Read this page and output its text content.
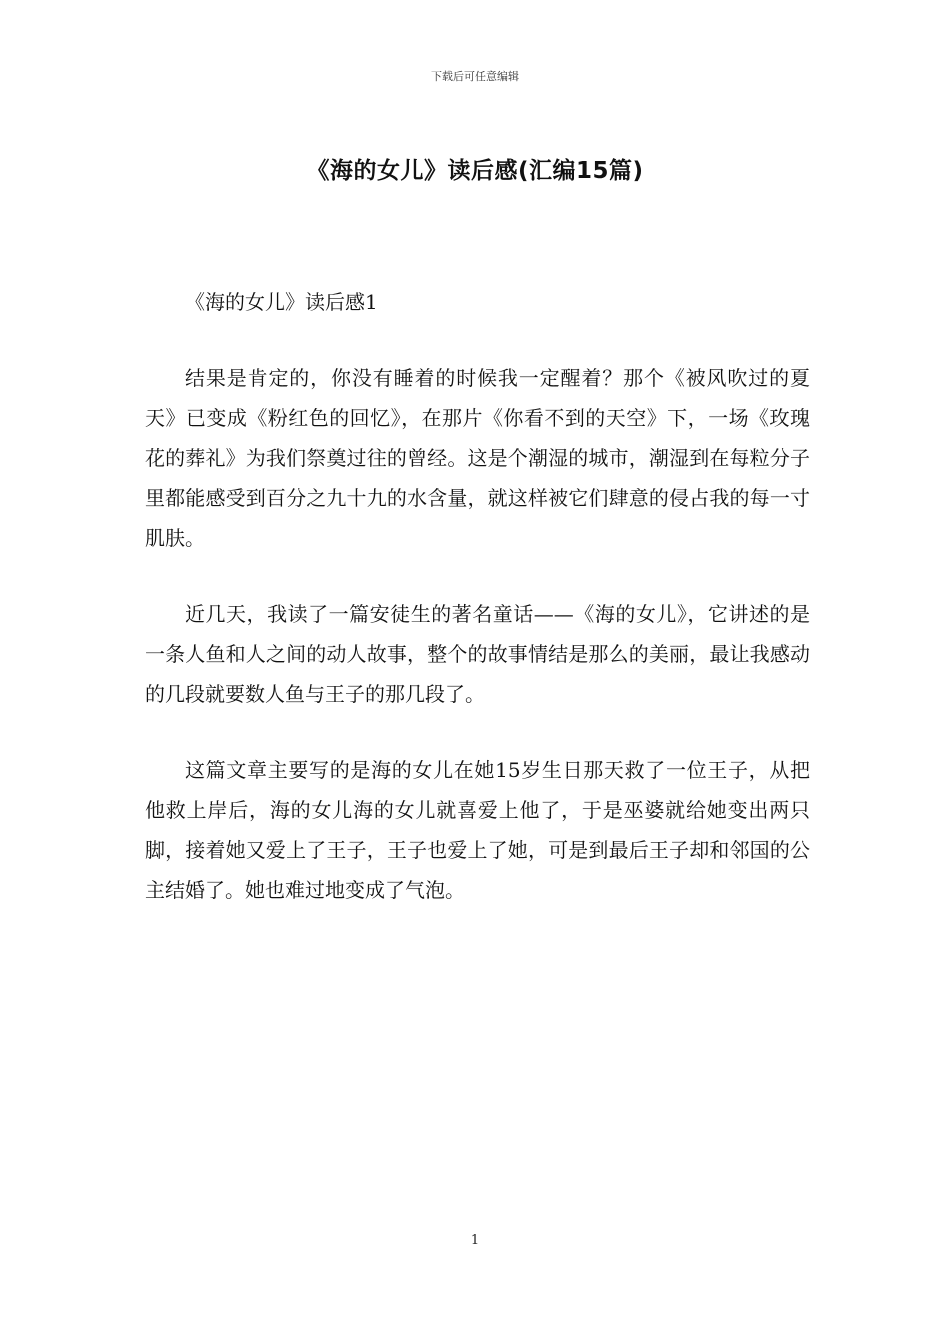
下载后可任意编辑
《海的女儿》读后感(汇编15篇)

《海的女儿》读后感1

结果是肯定的，你没有睡着的时候我一定醒着？那个《被风吹过的夏天》已变成《粉红色的回忆》，在那片《你看不到的天空》下，一场《玫瑰花的葬礼》为我们祭奠过往的曾经。这是个潮湿的城市，潮湿到在每粒分子里都能感受到百分之九十九的水含量，就这样被它们肆意的侵占我的每一寸肌肤。

近几天，我读了一篇安徒生的著名童话——《海的女儿》，它讲述的是一条人鱼和人之间的动人故事，整个的故事情结是那么的美丽，最让我感动的几段就要数人鱼与王子的那几段了。

这篇文章主要写的是海的女儿在她15岁生日那天救了一位王子，从把他救上岸后，海的女儿海的女儿就喜爱上他了，于是巫婆就给她变出两只脚，接着她又爱上了王子，王子也爱上了她，可是到最后王子却和邻国的公主结婚了。她也难过地变成了气泡。

1
